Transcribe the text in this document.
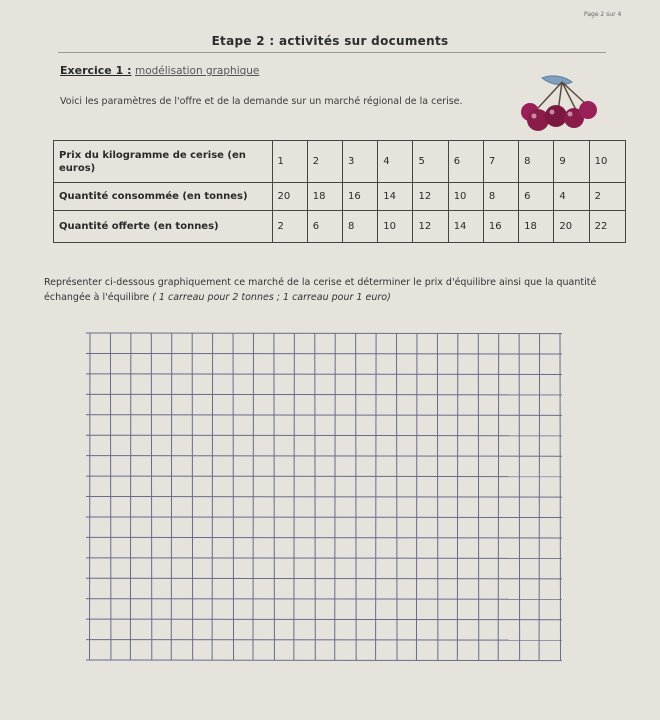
Page 2 sur 4
Etape 2 : activités sur documents
Exercice 1 : modélisation graphique
Voici les paramètres de l'offre et de la demande sur un marché régional de la cerise.
Prix du kilogramme de cerise (en euros)	1	2	3	4	5	6	7	8	9	10
Quantité consommée (en tonnes)	20	18	16	14	12	10	8	6	4	2
Quantité offerte (en tonnes)	2	6	8	10	12	14	16	18	20	22
Représenter ci-dessous graphiquement ce marché de la cerise et déterminer le prix d'équilibre ainsi que la quantité échangée à l'équilibre ( 1 carreau pour 2 tonnes ; 1 carreau pour 1 euro)
